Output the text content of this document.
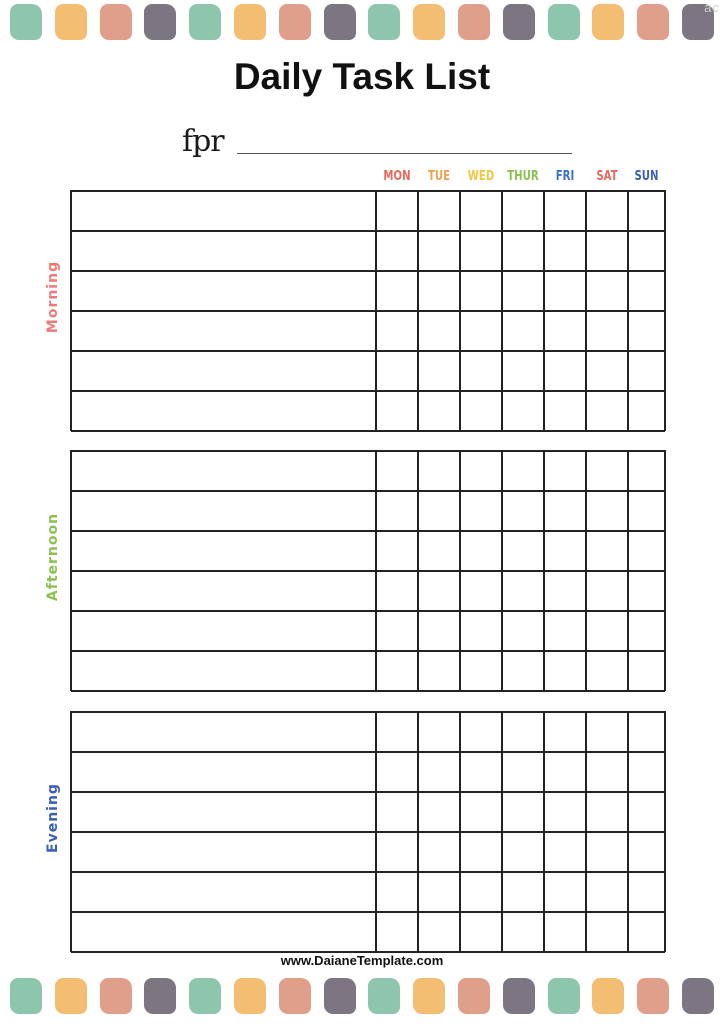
ac
Daily Task List
fpr
MON	TUE	WED	THUR	FRI	SAT	SUN
Morning
Afternoon
Evening
www.DaianeTemplate.com
